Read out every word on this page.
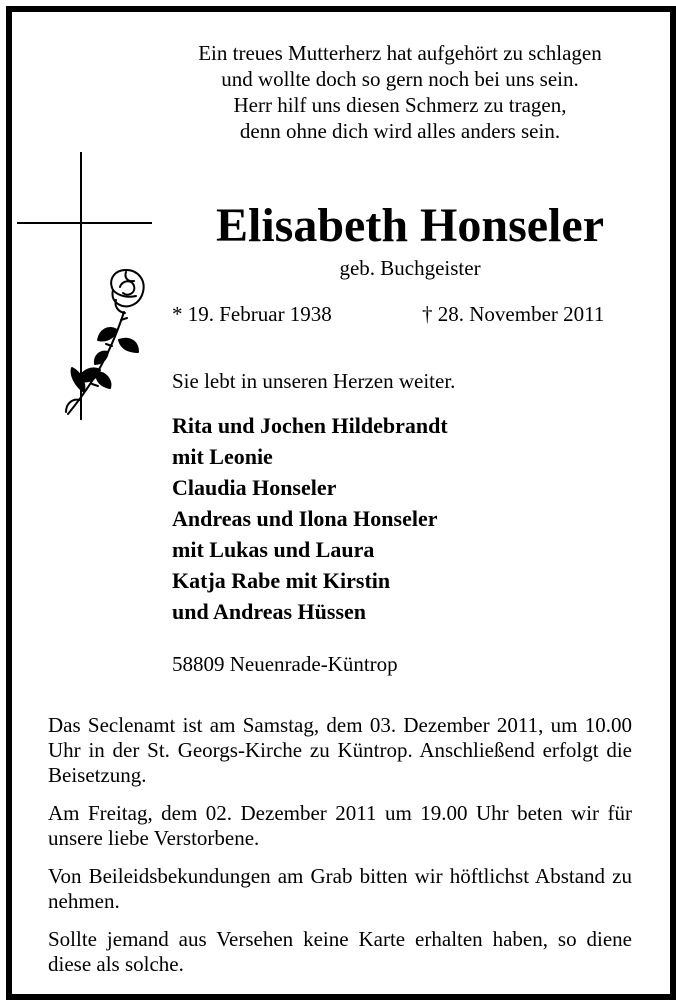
Ein treues Mutterherz hat aufgehört zu schlagen
und wollte doch so gern noch bei uns sein.
Herr hilf uns diesen Schmerz zu tragen,
denn ohne dich wird alles anders sein.
Elisabeth Honseler
geb. Buchgeister
* 19. Februar 1938	† 28. November 2011
Sie lebt in unseren Herzen weiter.
Rita und Jochen Hildebrandt
mit Leonie
Claudia Honseler
Andreas und Ilona Honseler
mit Lukas und Laura
Katja Rabe mit Kirstin
und Andreas Hüssen
58809 Neuenrade-Küntrop

Das Seclenamt ist am Samstag, dem 03. Dezember 2011, um 10.00 Uhr in der St. Georgs-Kirche zu Küntrop. Anschließend erfolgt die Beisetzung.

Am Freitag, dem 02. Dezember 2011 um 19.00 Uhr beten wir für unsere liebe Verstorbene.

Von Beileidsbekundungen am Grab bitten wir höftlichst Abstand zu nehmen.

Sollte jemand aus Versehen keine Karte erhalten haben, so diene diese als solche.
